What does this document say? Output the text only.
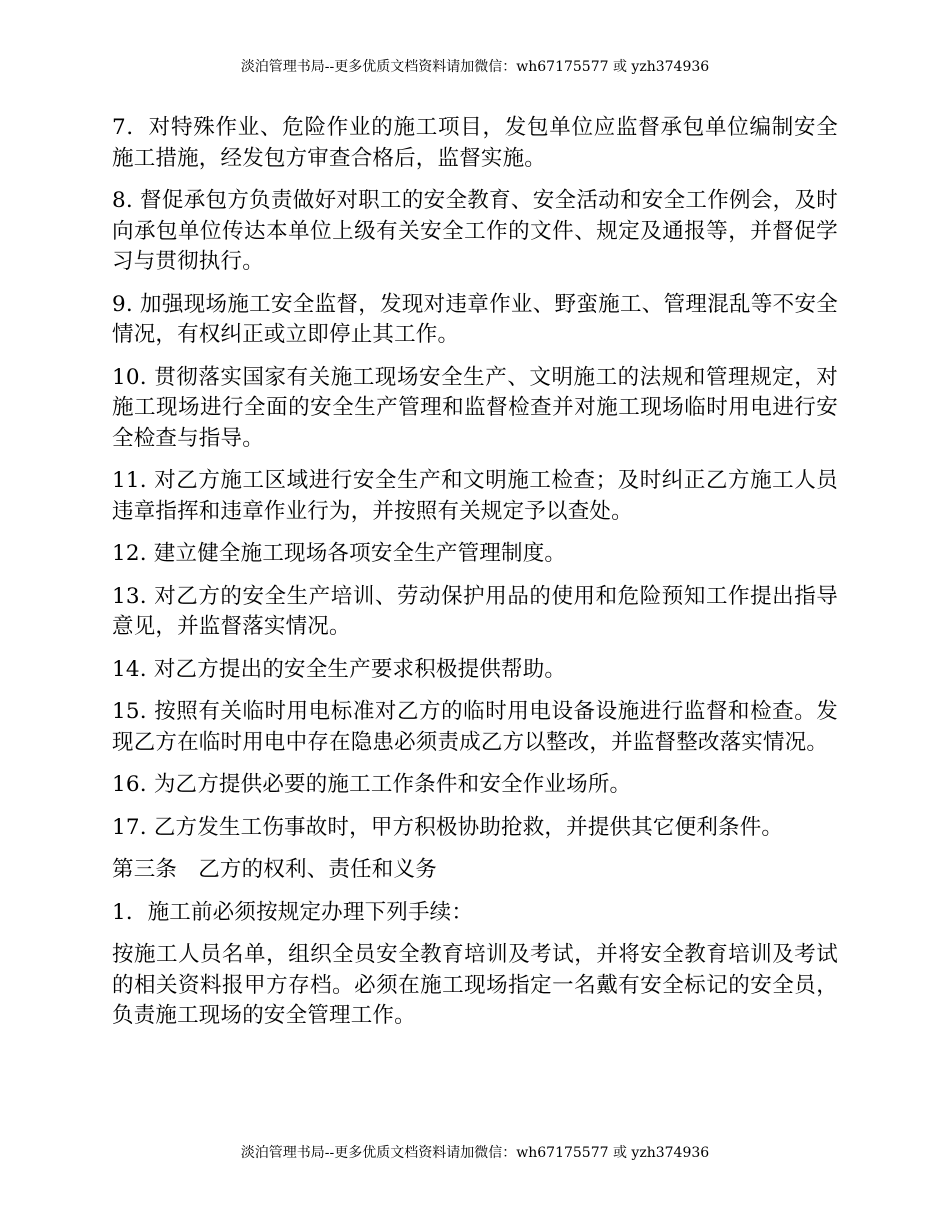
淡泊管理书局--更多优质文档资料请加微信：wh67175577 或 yzh374936

7．对特殊作业、危险作业的施工项目，发包单位应监督承包单位编制安全施工措施，经发包方审查合格后，监督实施。

8. 督促承包方负责做好对职工的安全教育、安全活动和安全工作例会，及时向承包单位传达本单位上级有关安全工作的文件、规定及通报等，并督促学习与贯彻执行。

9. 加强现场施工安全监督，发现对违章作业、野蛮施工、管理混乱等不安全情况，有权纠正或立即停止其工作。

10. 贯彻落实国家有关施工现场安全生产、文明施工的法规和管理规定，对施工现场进行全面的安全生产管理和监督检查并对施工现场临时用电进行安全检查与指导。

11. 对乙方施工区域进行安全生产和文明施工检查；及时纠正乙方施工人员违章指挥和违章作业行为，并按照有关规定予以查处。

12. 建立健全施工现场各项安全生产管理制度。

13. 对乙方的安全生产培训、劳动保护用品的使用和危险预知工作提出指导意见，并监督落实情况。

14. 对乙方提出的安全生产要求积极提供帮助。

15. 按照有关临时用电标准对乙方的临时用电设备设施进行监督和检查。发现乙方在临时用电中存在隐患必须责成乙方以整改，并监督整改落实情况。

16. 为乙方提供必要的施工工作条件和安全作业场所。

17. 乙方发生工伤事故时，甲方积极协助抢救，并提供其它便利条件。

第三条   乙方的权利、责任和义务

1．施工前必须按规定办理下列手续：

按施工人员名单，组织全员安全教育培训及考试，并将安全教育培训及考试的相关资料报甲方存档。必须在施工现场指定一名戴有安全标记的安全员，负责施工现场的安全管理工作。

淡泊管理书局--更多优质文档资料请加微信：wh67175577 或 yzh374936
